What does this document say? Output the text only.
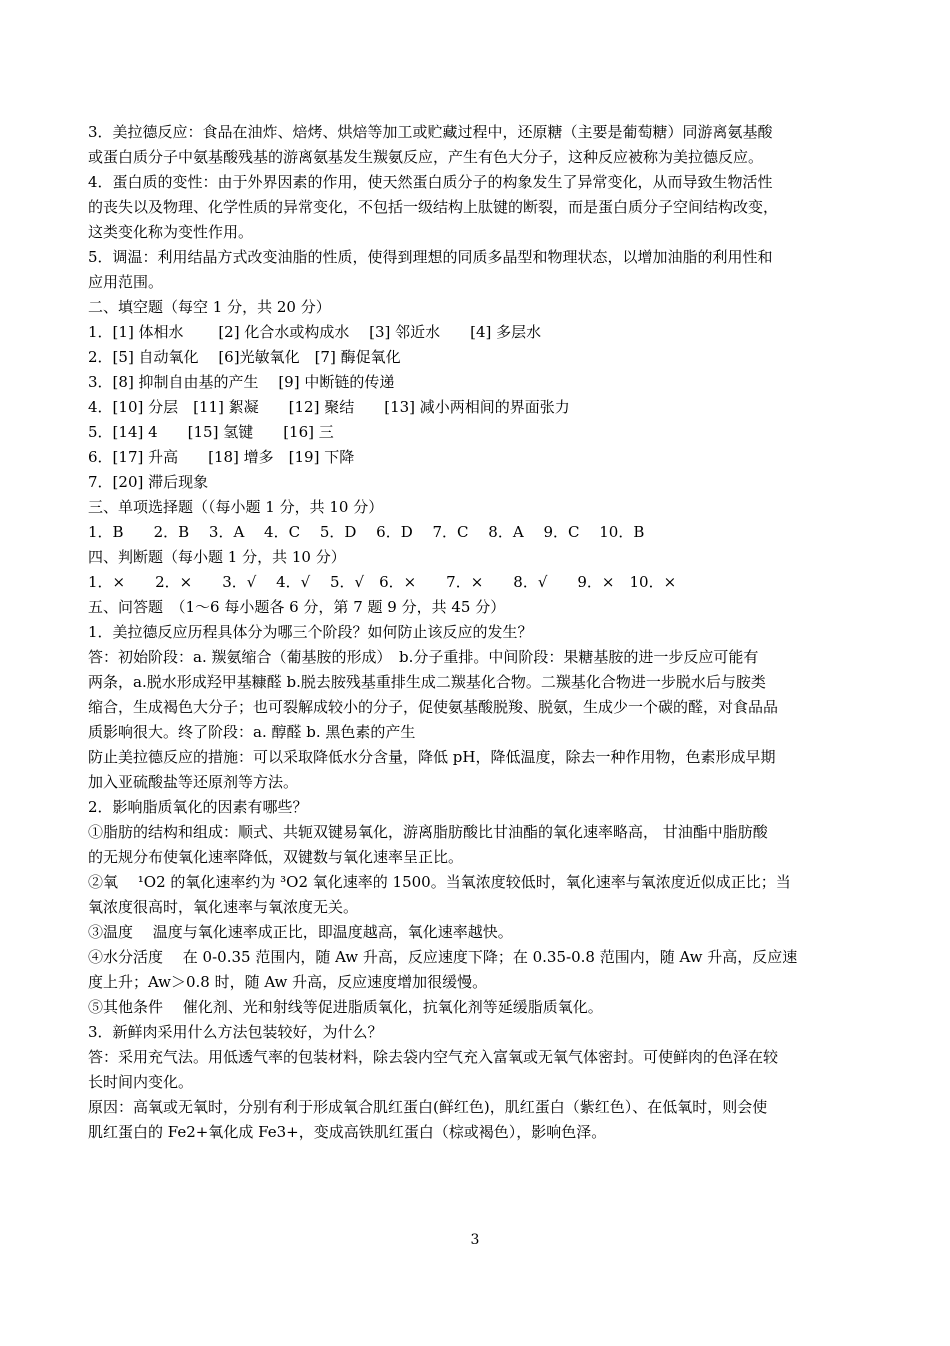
3．美拉德反应：食品在油炸、焙烤、烘焙等加工或贮藏过程中，还原糖（主要是葡萄糖）同游离氨基酸
或蛋白质分子中氨基酸残基的游离氨基发生羰氨反应，产生有色大分子，这种反应被称为美拉德反应。
4．蛋白质的变性：由于外界因素的作用，使天然蛋白质分子的构象发生了异常变化，从而导致生物活性
的丧失以及物理、化学性质的异常变化，不包括一级结构上肽键的断裂，而是蛋白质分子空间结构改变，
这类变化称为变性作用。
5．调温：利用结晶方式改变油脂的性质，使得到理想的同质多晶型和物理状态，以增加油脂的利用性和
应用范围。
二、填空题（每空 1 分，共 20 分）
1．[1] 体相水　　 [2] 化合水或构成水　 [3] 邻近水　　[4] 多层水
2．[5] 自动氧化　 [6]光敏氧化　[7] 酶促氧化
3．[8] 抑制自由基的产生　 [9] 中断链的传递
4．[10] 分层　[11] 絮凝　　[12] 聚结　　[13] 减小两相间的界面张力
5．[14] 4　　[15] 氢键　　[16] 三
6．[17] 升高　　[18] 增多　[19] 下降
7．[20] 滞后现象
三、单项选择题（（每小题 1 分，共 10 分）
1．B　　2．B　 3．A　 4．C　 5．D　 6．D　 7．C　 8．A　 9．C　 10．B
四、判断题（每小题 1 分，共 10 分）
1．×　　2．×　　3．√　 4．√　 5．√　6．×　　7．×　　8．√　　9．×　10．×
五、问答题　（1～6 每小题各 6 分，第 7 题 9 分，共 45 分）
1．美拉德反应历程具体分为哪三个阶段？如何防止该反应的发生？
答：初始阶段：a. 羰氨缩合（葡基胺的形成）　b.分子重排。中间阶段：果糖基胺的进一步反应可能有
两条，a.脱水形成羟甲基糠醛 b.脱去胺残基重排生成二羰基化合物。二羰基化合物进一步脱水后与胺类
缩合，生成褐色大分子；也可裂解成较小的分子，促使氨基酸脱羧、脱氨，生成少一个碳的醛，对食品品
质影响很大。终了阶段：a. 醇醛 b. 黑色素的产生
防止美拉德反应的措施：可以采取降低水分含量，降低 pH，降低温度，除去一种作用物，色素形成早期
加入亚硫酸盐等还原剂等方法。
2．影响脂质氧化的因素有哪些？
①脂肪的结构和组成：顺式、共轭双键易氧化，游离脂肪酸比甘油酯的氧化速率略高， 甘油酯中脂肪酸
的无规分布使氧化速率降低，双键数与氧化速率呈正比。
②氧　 ¹O2 的氧化速率约为 ³O2 氧化速率的 1500。当氧浓度较低时，氧化速率与氧浓度近似成正比；当
氧浓度很高时，氧化速率与氧浓度无关。
③温度　 温度与氧化速率成正比，即温度越高，氧化速率越快。
④水分活度　 在 0-0.35 范围内，随 Aw 升高，反应速度下降；在 0.35-0.8 范围内，随 Aw 升高，反应速
度上升；Aw＞0.8 时，随 Aw 升高，反应速度增加很缓慢。
⑤其他条件　 催化剂、光和射线等促进脂质氧化，抗氧化剂等延缓脂质氧化。
3．新鲜肉采用什么方法包装较好，为什么？
答：采用充气法。用低透气率的包装材料，除去袋内空气充入富氧或无氧气体密封。可使鲜肉的色泽在较
长时间内变化。
原因：高氧或无氧时，分别有利于形成氧合肌红蛋白(鲜红色)，肌红蛋白（紫红色）、在低氧时，则会使
肌红蛋白的 Fe2+氧化成 Fe3+，变成高铁肌红蛋白（棕或褐色），影响色泽。
3
